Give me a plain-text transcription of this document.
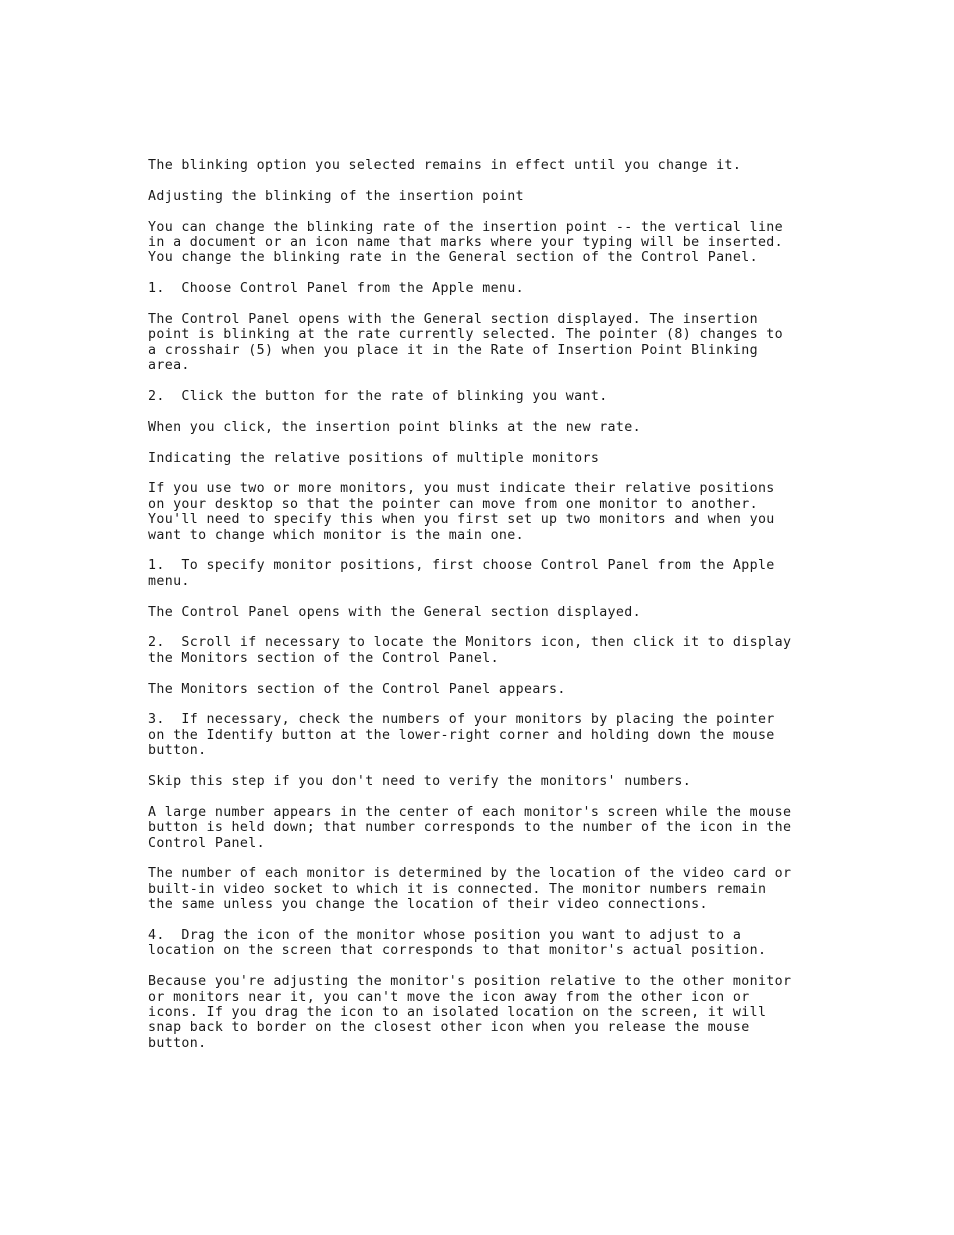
The blinking option you selected remains in effect until you change it.

Adjusting the blinking of the insertion point

You can change the blinking rate of the insertion point -- the vertical line
in a document or an icon name that marks where your typing will be inserted.
You change the blinking rate in the General section of the Control Panel.

1.  Choose Control Panel from the Apple menu.

The Control Panel opens with the General section displayed. The insertion
point is blinking at the rate currently selected. The pointer (8) changes to
a crosshair (5) when you place it in the Rate of Insertion Point Blinking
area.

2.  Click the button for the rate of blinking you want.

When you click, the insertion point blinks at the new rate.

Indicating the relative positions of multiple monitors

If you use two or more monitors, you must indicate their relative positions
on your desktop so that the pointer can move from one monitor to another.
You'll need to specify this when you first set up two monitors and when you
want to change which monitor is the main one.

1.  To specify monitor positions, first choose Control Panel from the Apple
menu.

The Control Panel opens with the General section displayed.

2.  Scroll if necessary to locate the Monitors icon, then click it to display
the Monitors section of the Control Panel.

The Monitors section of the Control Panel appears.

3.  If necessary, check the numbers of your monitors by placing the pointer
on the Identify button at the lower-right corner and holding down the mouse
button.

Skip this step if you don't need to verify the monitors' numbers.

A large number appears in the center of each monitor's screen while the mouse
button is held down; that number corresponds to the number of the icon in the
Control Panel.

The number of each monitor is determined by the location of the video card or
built-in video socket to which it is connected. The monitor numbers remain
the same unless you change the location of their video connections.

4.  Drag the icon of the monitor whose position you want to adjust to a
location on the screen that corresponds to that monitor's actual position.

Because you're adjusting the monitor's position relative to the other monitor
or monitors near it, you can't move the icon away from the other icon or
icons. If you drag the icon to an isolated location on the screen, it will
snap back to border on the closest other icon when you release the mouse
button.
